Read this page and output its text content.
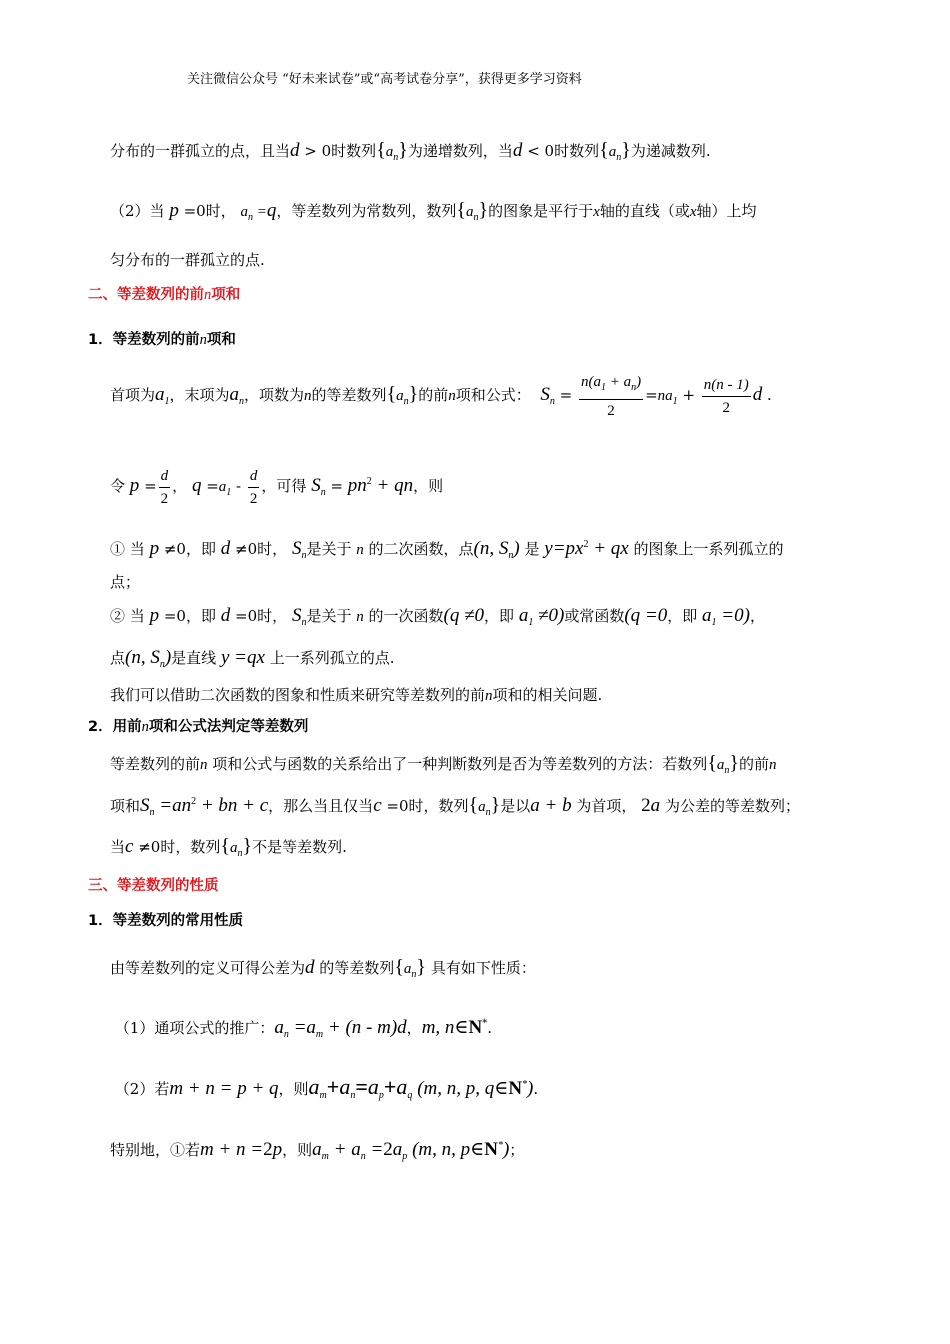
关注微信公众号 “好未来试卷”或“高考试卷分享”，获得更多学习资料
分布的一群孤立的点，且当d > 0时数列$\{a_n\}$为递增数列，当d < 0时数列$\{a_n\}$为递减数列.
（2）当 p =0时， $a_n =q$，等差数列为常数列，数列$\{a_n\}$的图象是平行于x轴的直线（或x轴）上均
匀分布的一群孤立的点.
二、等差数列的前n项和
1．等差数列的前n项和
首项为$a_1$，末项为$a_n$，项数为n的等差数列$\{a_n\}$的前n项和公式： $S_n = \frac{n(a_1 + a_n)}{2} =na_1 + \frac{n(n - 1)}{2}$ d .
令 $p = \frac{d}{2}$ ， $q =a_1 - \frac{d}{2}$ ，可得 $S_n = pn^2$ + qn，则
① 当 p ≠0，即 d ≠0时， $S_n$是关于 n 的二次函数，点(n, $S_n$) 是 $y=px^2$ + qx 的图象上一系列孤立的
点；
② 当 p =0，即 d =0时， $S_n$是关于 n 的一次函数(q ≠0，即 $a_1 \ne 0$)或常函数(q =0，即 $a_1 =0$)，
点(n, $S_n$)是直线 y =qx 上一系列孤立的点.
我们可以借助二次函数的图象和性质来研究等差数列的前n项和的相关问题.
2．用前n项和公式法判定等差数列
等差数列的前n 项和公式与函数的关系给出了一种判断数列是否为等差数列的方法：若数列$\{a_n\}$的前n
项和$S_n =an^2$ + bn + c，那么当且仅当c =0时，数列$\{a_n\}$是以a + b 为首项， 2a 为公差的等差数列；
当c ≠0时，数列$\{a_n\}$不是等差数列.
三、等差数列的性质
1．等差数列的常用性质
由等差数列的定义可得公差为d 的等差数列$\{a_n\}$ 具有如下性质：
（1）通项公式的推广：$a_n =a_m + (n - m)d$，m, n∈N*.
（2）若m + n = p + q，则$a_m+a_n=a_p+a_q$ (m, n, p, q∈N*).
特别地，①若m + n =2p，则$a_m + a_n =2a_p$ (m, n, p∈N*)；
